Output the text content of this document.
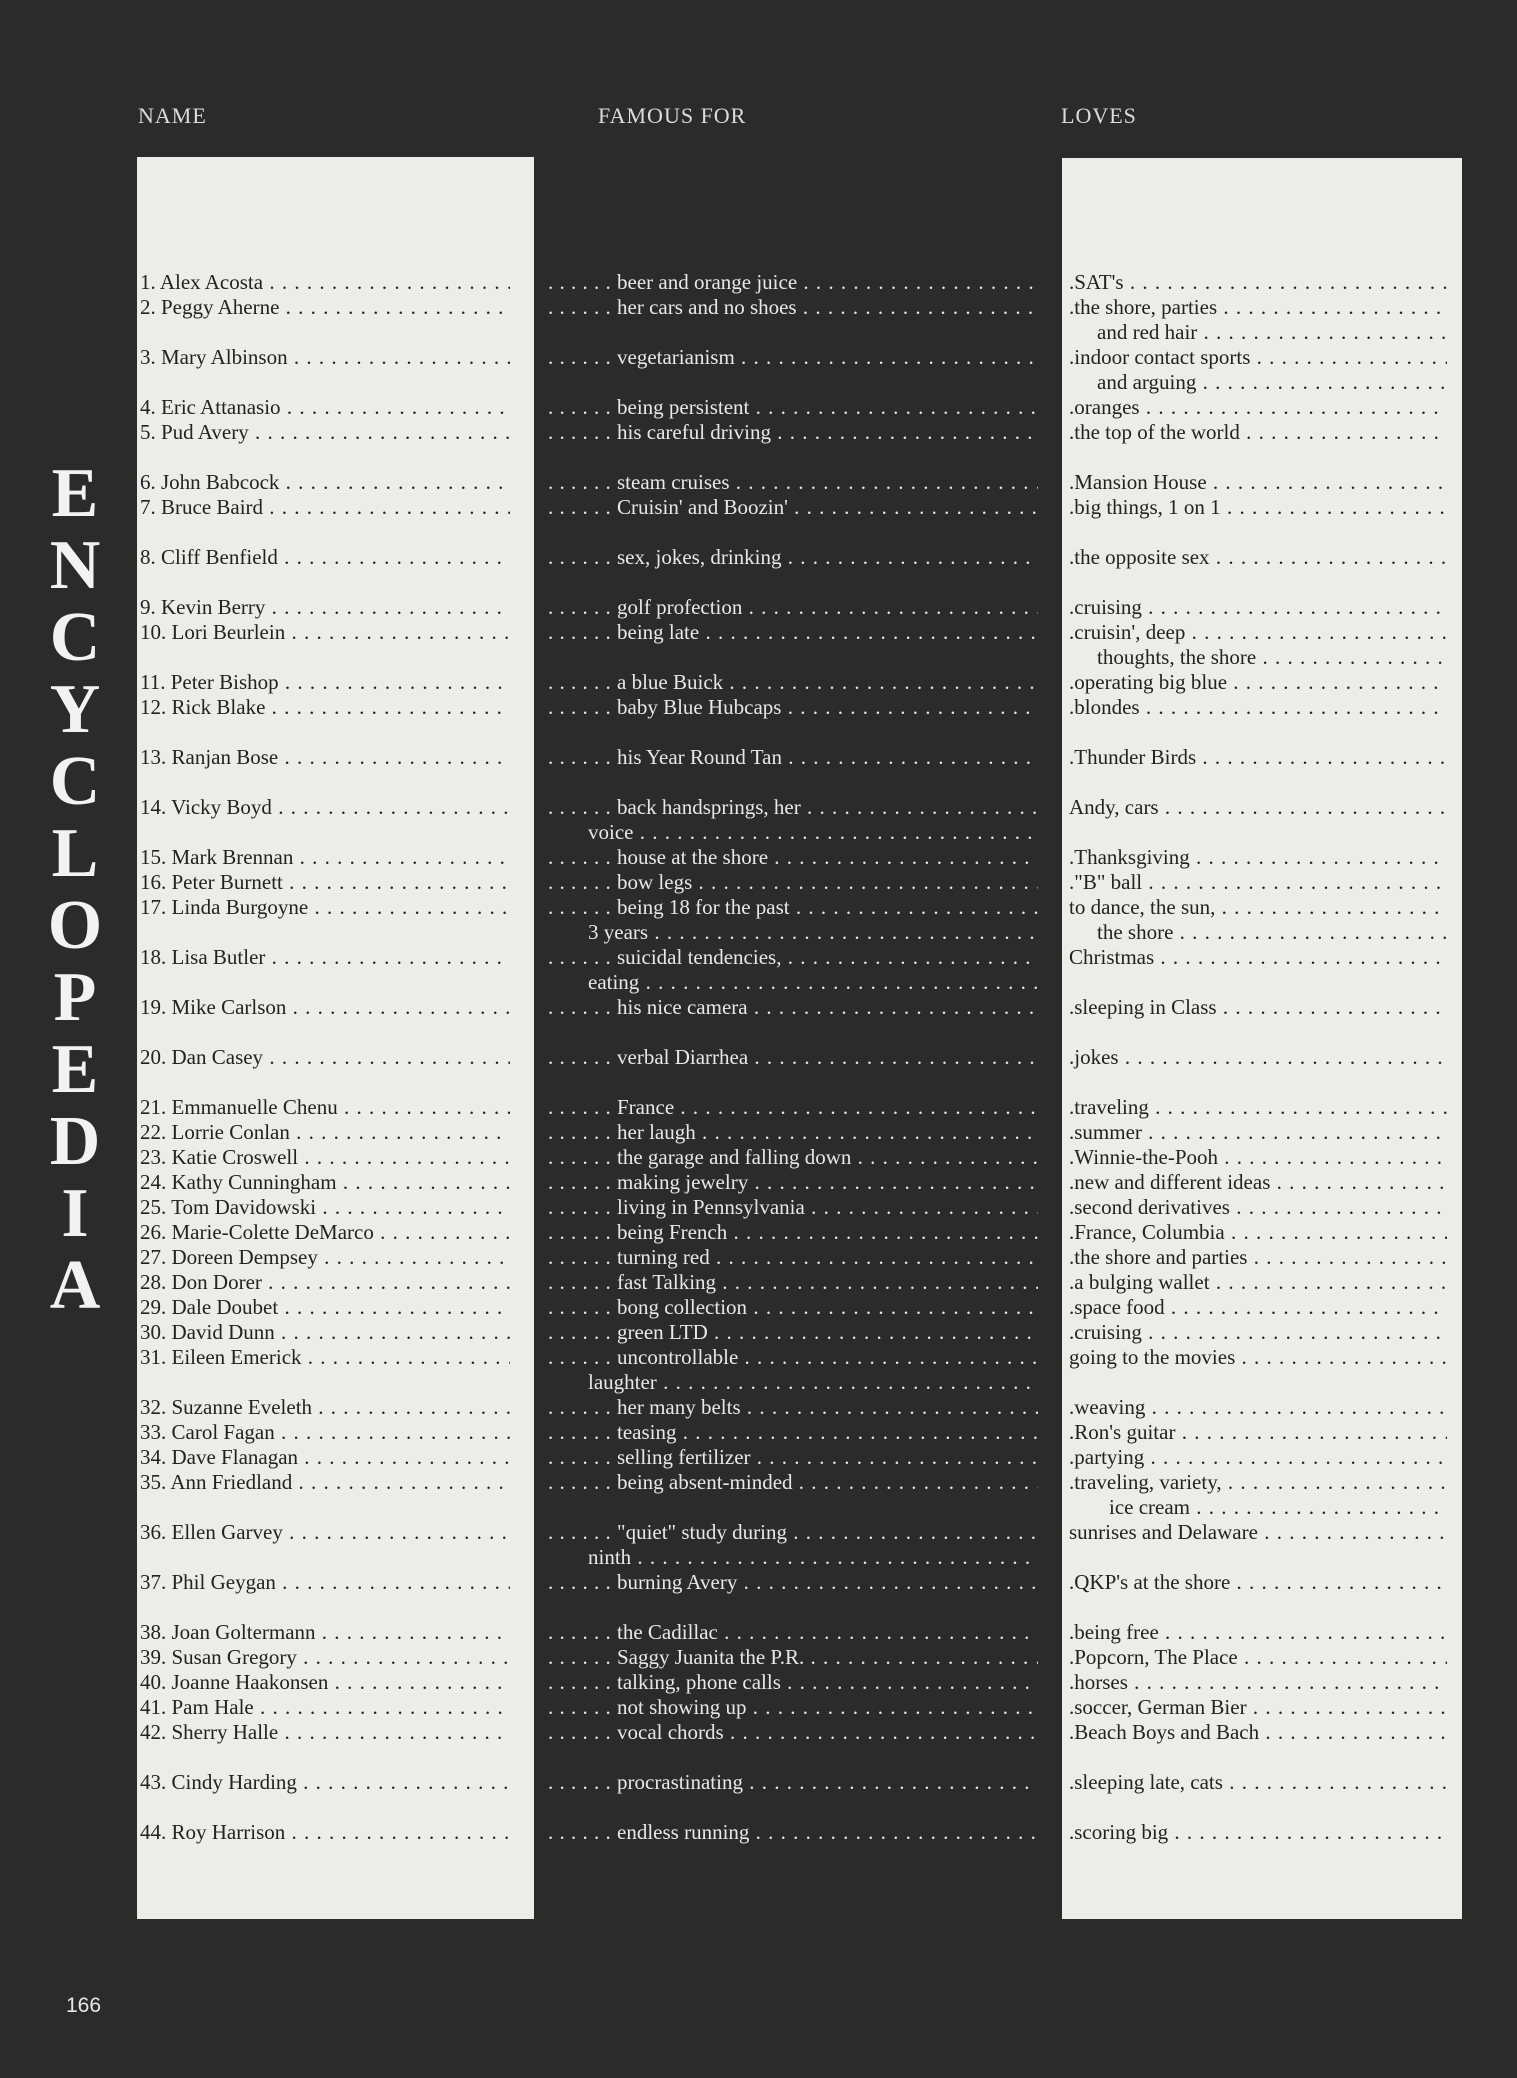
NAME	FAMOUS FOR	LOVES
E
N
C
Y
C
L
O
P
E
D
I
A
1. Alex Acosta . . .
2. Peggy Aherne . . .
3. Mary Albinson . . .
4. Eric Attanasio . . .
5. Pud Avery . . .
6. John Babcock . . .
7. Bruce Baird . . .
8. Cliff Benfield . . .
9. Kevin Berry . . .
10. Lori Beurlein . . .
11. Peter Bishop . . .
12. Rick Blake . . .
13. Ranjan Bose . . .
14. Vicky Boyd . . .
15. Mark Brennan . . .
16. Peter Burnett . . .
17. Linda Burgoyne . . .
18. Lisa Butler . . .
19. Mike Carlson . . .
20. Dan Casey . . .
21. Emmanuelle Chenu . . .
22. Lorrie Conlan . . .
23. Katie Croswell . . .
24. Kathy Cunningham . . .
25. Tom Davidowski . . .
26. Marie-Colette DeMarco . . .
27. Doreen Dempsey . . .
28. Don Dorer . . .
29. Dale Doubet . . .
30. David Dunn . . .
31. Eileen Emerick . . .
32. Suzanne Eveleth . . .
33. Carol Fagan . . .
34. Dave Flanagan . . .
35. Ann Friedland . . .
36. Ellen Garvey . . .
37. Phil Geygan . . .
38. Joan Goltermann . . .
39. Susan Gregory . . .
40. Joanne Haakonsen . . .
41. Pam Hale . . .
42. Sherry Halle . . .
43. Cindy Harding . . .
44. Roy Harrison . . .
. . . beer and orange juice . . .
. . . her cars and no shoes . . .
. . . vegetarianism . . .
. . . being persistent . . .
. . . his careful driving . . .
. . . steam cruises . . .
. . . Cruisin' and Boozin' . . .
. . . sex, jokes, drinking . . .
. . . golf profection . . .
. . . being late . . .
. . . a blue Buick . . .
. . . baby Blue Hubcaps . . .
. . . his Year Round Tan . . .
. . . back handsprings, her . . .
voice . . .
. . . house at the shore . . .
. . . bow legs . . .
. . . being 18 for the past . . .
3 years . . .
. . . suicidal tendencies, . . .
eating . . .
. . . his nice camera . . .
. . . verbal Diarrhea . . .
. . . France . . .
. . . her laugh . . .
. . . the garage and falling down . . .
. . . making jewelry . . .
. . . living in Pennsylvania . . .
. . . being French . . .
. . . turning red . . .
. . . fast Talking . . .
. . . bong collection . . .
. . . green LTD . . .
. . . uncontrollable . . .
laughter . . .
. . . her many belts . . .
. . . teasing . . .
. . . selling fertilizer . . .
. . . being absent-minded . . .
. . . "quiet" study during . . .
ninth . . .
. . . burning Avery . . .
. . . the Cadillac . . .
. . . Saggy Juanita the P.R. . . .
. . . talking, phone calls . . .
. . . not showing up . . .
. . . vocal chords . . .
. . . procrastinating . . .
. . . endless running . . .
. SAT's . . .
. the shore, parties . . .
and red hair . . .
. indoor contact sports . . .
and arguing . . .
. oranges . . .
. the top of the world . . .
. Mansion House . . .
. big things, 1 on 1 . . .
. the opposite sex . . .
. cruising . . .
. cruisin', deep . . .
thoughts, the shore . . .
. operating big blue . . .
. blondes . . .
. Thunder Birds . . .
Andy, cars . . .
. Thanksgiving . . .
. "B" ball . . .
to dance, the sun, . . .
the shore . . .
Christmas . . .
. sleeping in Class . . .
. jokes . . .
. traveling . . .
. summer . . .
. Winnie-the-Pooh . . .
. new and different ideas . . .
. second derivatives . . .
. France, Columbia . . .
. the shore and parties . . .
. a bulging wallet . . .
. space food . . .
. cruising . . .
going to the movies . . .
. weaving . . .
. Ron's guitar . . .
. partying . . .
. traveling, variety, . . .
ice cream . . .
sunrises and Delaware . . .
. QKP's at the shore . . .
. being free . . .
. Popcorn, The Place . . .
. horses . . .
. soccer, German Bier . . .
. Beach Boys and Bach . . .
. sleeping late, cats . . .
. scoring big . . .
166
